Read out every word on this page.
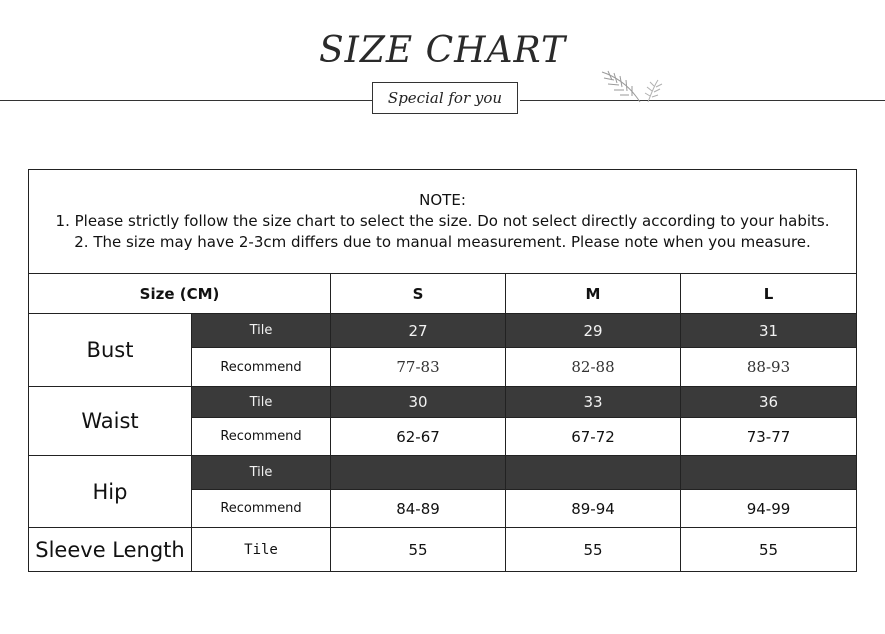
SIZE CHART
Special for you
NOTE:
1. Please strictly follow the size chart to select the size. Do not select directly according to your habits.
2. The size may have 2-3cm differs due to manual measurement. Please note when you measure.				

Size (CM)		S	M	L
Bust	Tile	27	29	31
	Recommend	77-83	82-88	88-93
Waist	Tile	30	33	36
	Recommend	62-67	67-72	73-77
Hip	Tile			
	Recommend	84-89	89-94	94-99
Sleeve Length	Tile	55	55	55
